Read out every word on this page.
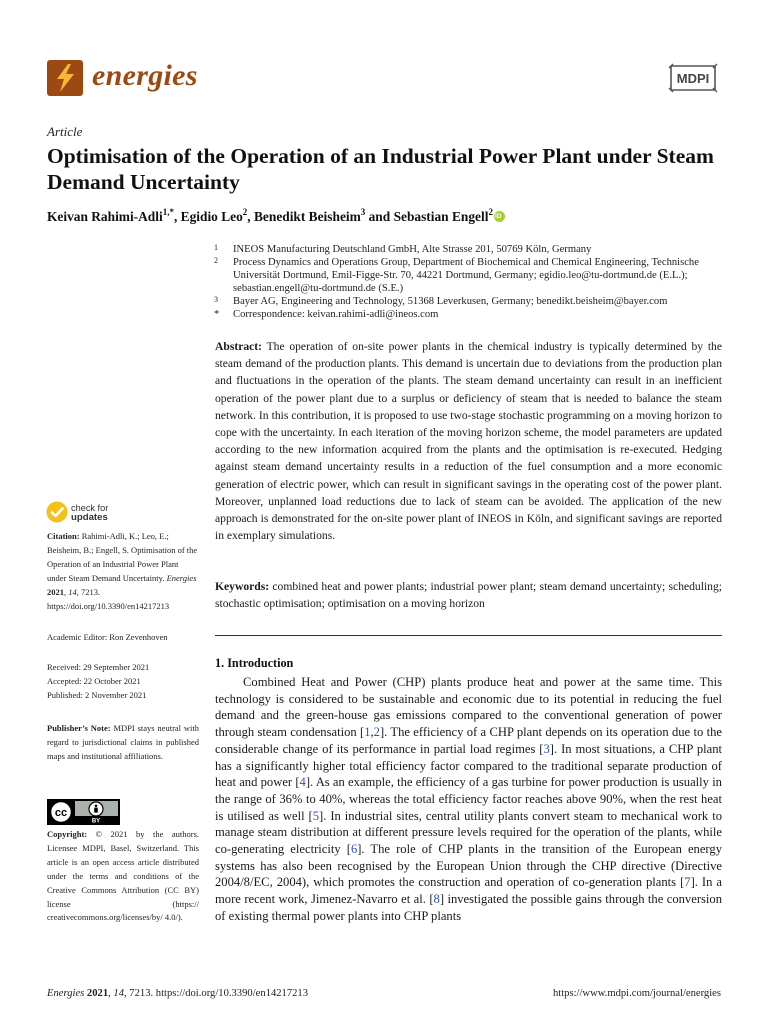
energies	MDPI
Article
Optimisation of the Operation of an Industrial Power Plant under Steam Demand Uncertainty
Keivan Rahimi-Adli$^{1,*}$, Egidio Leo$^2$, Benedikt Beisheim$^3$ and Sebastian Engell$^2$iD
1 INEOS Manufacturing Deutschland GmbH, Alte Strasse 201, 50769 Köln, Germany
2 Process Dynamics and Operations Group, Department of Biochemical and Chemical Engineering, Technische Universität Dortmund, Emil-Figge-Str. 70, 44221 Dortmund, Germany; egidio.leo@tu-dortmund.de (E.L.); sebastian.engell@tu-dortmund.de (S.E.)
3 Bayer AG, Engineering and Technology, 51368 Leverkusen, Germany; benedikt.beisheim@bayer.com
* Correspondence: keivan.rahimi-adli@ineos.com

Abstract: The operation of on-site power plants in the chemical industry is typically determined by the steam demand of the production plants. This demand is uncertain due to deviations from the production plan and fluctuations in the operation of the plants. The steam demand uncertainty can result in an inefficient operation of the power plant due to a surplus or deficiency of steam that is needed to balance the steam network. In this contribution, it is proposed to use two-stage stochastic programming on a moving horizon to cope with the uncertainty. In each iteration of the moving horizon scheme, the model parameters are updated according to the new information acquired from the plants and the optimisation is re-executed. Hedging against steam demand uncertainty results in a reduction of the fuel consumption and a more economic generation of electric power, which can result in significant savings in the operating cost of the power plant. Moreover, unplanned load reductions due to lack of steam can be avoided. The application of the new approach is demonstrated for the on-site power plant of INEOS in Köln, and significant savings are reported in exemplary simulations.

Keywords: combined heat and power plants; industrial power plant; steam demand uncertainty; scheduling; stochastic optimisation; optimisation on a moving horizon

check for
updates
Citation: Rahimi-Adli, K.; Leo, E.; Beisheim, B.; Engell, S. Optimisation of the Operation of an Industrial Power Plant under Steam Demand Uncertainty. Energies 2021, 14, 7213. https://doi.org/10.3390/en14217213
Academic Editor: Ron Zevenhoven
Received: 29 September 2021
Accepted: 22 October 2021
Published: 2 November 2021
Publisher’s Note: MDPI stays neutral with regard to jurisdictional claims in published maps and institutional affiliations.
cc
BY
Copyright: © 2021 by the authors. Licensee MDPI, Basel, Switzerland. This article is an open access article distributed under the terms and conditions of the Creative Commons Attribution (CC BY) license (https:// creativecommons.org/licenses/by/ 4.0/).
1. Introduction

Combined Heat and Power (CHP) plants produce heat and power at the same time. This technology is considered to be sustainable and economic due to its potential in reducing the fuel demand and the green-house gas emissions compared to the conventional generation of power through steam condensation [1,2]. The efficiency of a CHP plant depends on its operation due to the considerable change of its performance in partial load regimes [3]. In most situations, a CHP plant has a significantly higher total efficiency factor compared to the traditional separate production of heat and power [4]. As an example, the efficiency of a gas turbine for power production is usually in the range of 36% to 40%, whereas the total efficiency factor reaches above 90%, when the rest heat is utilised as well [5]. In industrial sites, central utility plants convert steam to mechanical work to manage steam distribution at different pressure levels required for the operation of the plants, while co-generating electricity [6]. The role of CHP plants in the transition of the European energy systems has also been recognised by the European Union through the CHP directive (Directive 2004/8/EC, 2004), which promotes the construction and operation of co-generation plants [7]. In a more recent work, Jimenez-Navarro et al. [8] investigated the possible gains through the conversion of existing thermal power plants into CHP plants

Energies 2021, 14, 7213. https://doi.org/10.3390/en14217213	https://www.mdpi.com/journal/energies
